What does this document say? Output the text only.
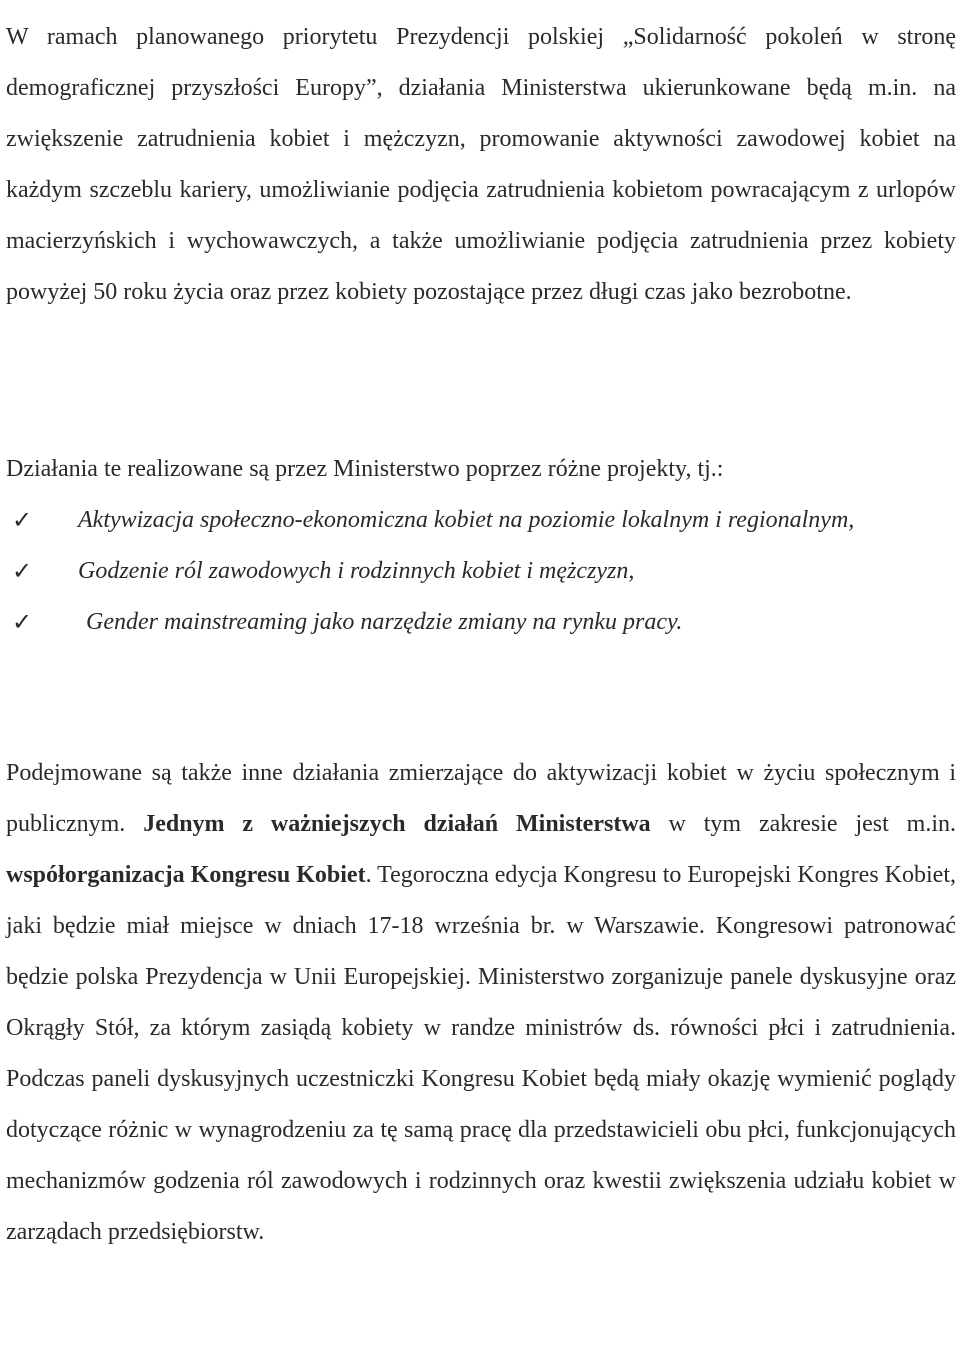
W ramach planowanego priorytetu Prezydencji polskiej „Solidarność pokoleń w stronę demograficznej przyszłości Europy”, działania Ministerstwa ukierunkowane będą m.in. na zwiększenie zatrudnienia kobiet i mężczyzn, promowanie aktywności zawodowej kobiet na każdym szczeblu kariery, umożliwianie podjęcia zatrudnienia kobietom powracającym z urlopów macierzyńskich i wychowawczych, a także umożliwianie podjęcia zatrudnienia przez kobiety powyżej 50 roku życia oraz przez kobiety pozostające przez długi czas jako bezrobotne.

Działania te realizowane są przez Ministerstwo poprzez różne projekty, tj.:

✓ Aktywizacja społeczno-ekonomiczna kobiet na poziomie lokalnym i regionalnym,
✓ Godzenie ról zawodowych i rodzinnych kobiet i mężczyzn,
✓ Gender mainstreaming jako narzędzie zmiany na rynku pracy.

Podejmowane są także inne działania zmierzające do aktywizacji kobiet w życiu społecznym i publicznym. Jednym z ważniejszych działań Ministerstwa w tym zakresie jest m.in. współorganizacja Kongresu Kobiet. Tegoroczna edycja Kongresu to Europejski Kongres Kobiet, jaki będzie miał miejsce w dniach 17-18 września br. w Warszawie. Kongresowi patronować będzie polska Prezydencja w Unii Europejskiej. Ministerstwo zorganizuje panele dyskusyjne oraz Okrągły Stół, za którym zasiądą kobiety w randze ministrów ds. równości płci i zatrudnienia. Podczas paneli dyskusyjnych uczestniczki Kongresu Kobiet będą miały okazję wymienić poglądy dotyczące różnic w wynagrodzeniu za tę samą pracę dla przedstawicieli obu płci, funkcjonujących mechanizmów godzenia ról zawodowych i rodzinnych oraz kwestii zwiększenia udziału kobiet w zarządach przedsiębiorstw.
